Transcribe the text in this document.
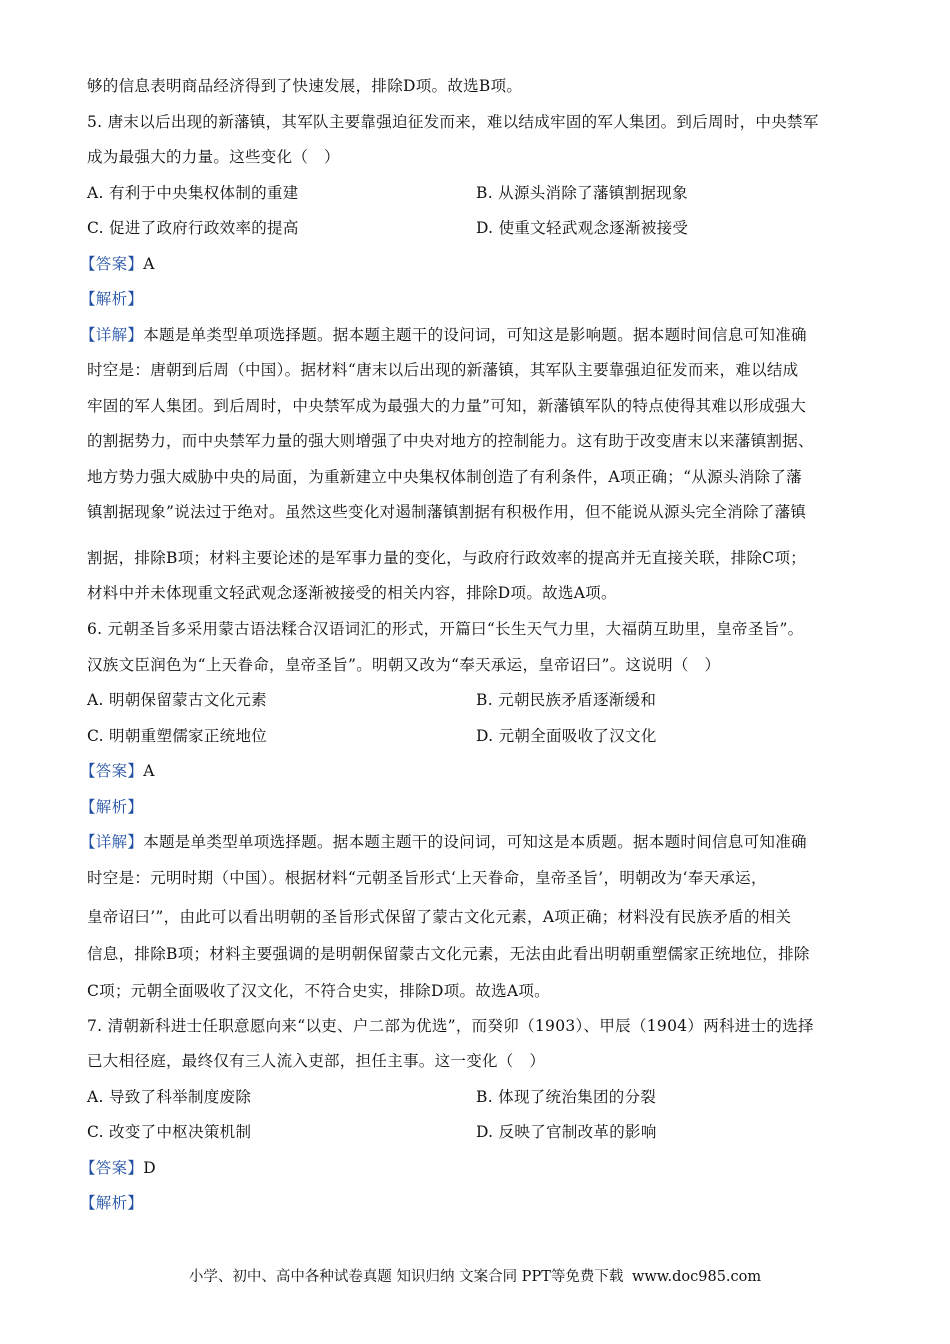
够的信息表明商品经济得到了快速发展，排除D项。故选B项。
5. 唐末以后出现的新藩镇，其军队主要靠强迫征发而来，难以结成牢固的军人集团。到后周时，中央禁军
成为最强大的力量。这些变化（　）
A. 有利于中央集权体制的重建	B. 从源头消除了藩镇割据现象
C. 促进了政府行政效率的提高	D. 使重文轻武观念逐渐被接受
【答案】A
【解析】
【详解】本题是单类型单项选择题。据本题主题干的设问词，可知这是影响题。据本题时间信息可知准确
时空是：唐朝到后周（中国）。据材料“唐末以后出现的新藩镇，其军队主要靠强迫征发而来，难以结成
牢固的军人集团。到后周时，中央禁军成为最强大的力量”可知，新藩镇军队的特点使得其难以形成强大
的割据势力，而中央禁军力量的强大则增强了中央对地方的控制能力。这有助于改变唐末以来藩镇割据、
地方势力强大威胁中央的局面，为重新建立中央集权体制创造了有利条件，A项正确；“从源头消除了藩
镇割据现象”说法过于绝对。虽然这些变化对遏制藩镇割据有积极作用，但不能说从源头完全消除了藩镇
割据，排除B项；材料主要论述的是军事力量的变化，与政府行政效率的提高并无直接关联，排除C项；
材料中并未体现重文轻武观念逐渐被接受的相关内容，排除D项。故选A项。
6. 元朝圣旨多采用蒙古语法糅合汉语词汇的形式，开篇曰“长生天气力里，大福荫互助里，皇帝圣旨”。
汉族文臣润色为“上天眷命，皇帝圣旨”。明朝又改为“奉天承运，皇帝诏曰”。这说明（　）
A. 明朝保留蒙古文化元素	B. 元朝民族矛盾逐渐缓和
C. 明朝重塑儒家正统地位	D. 元朝全面吸收了汉文化
【答案】A
【解析】
【详解】本题是单类型单项选择题。据本题主题干的设问词，可知这是本质题。据本题时间信息可知准确
时空是：元明时期（中国）。根据材料“元朝圣旨形式‘上天眷命，皇帝圣旨’，明朝改为‘奉天承运，
皇帝诏曰’”，由此可以看出明朝的圣旨形式保留了蒙古文化元素，A项正确；材料没有民族矛盾的相关
信息，排除B项；材料主要强调的是明朝保留蒙古文化元素，无法由此看出明朝重塑儒家正统地位，排除
C项；元朝全面吸收了汉文化，不符合史实，排除D项。故选A项。
7. 清朝新科进士任职意愿向来“以吏、户二部为优选”，而癸卯（1903）、甲辰（1904）两科进士的选择
已大相径庭，最终仅有三人流入吏部，担任主事。这一变化（　）
A. 导致了科举制度废除	B. 体现了统治集团的分裂
C. 改变了中枢决策机制	D. 反映了官制改革的影响
【答案】D
【解析】
小学、初中、高中各种试卷真题 知识归纳 文案合同 PPT等免费下载 www.doc985.com
